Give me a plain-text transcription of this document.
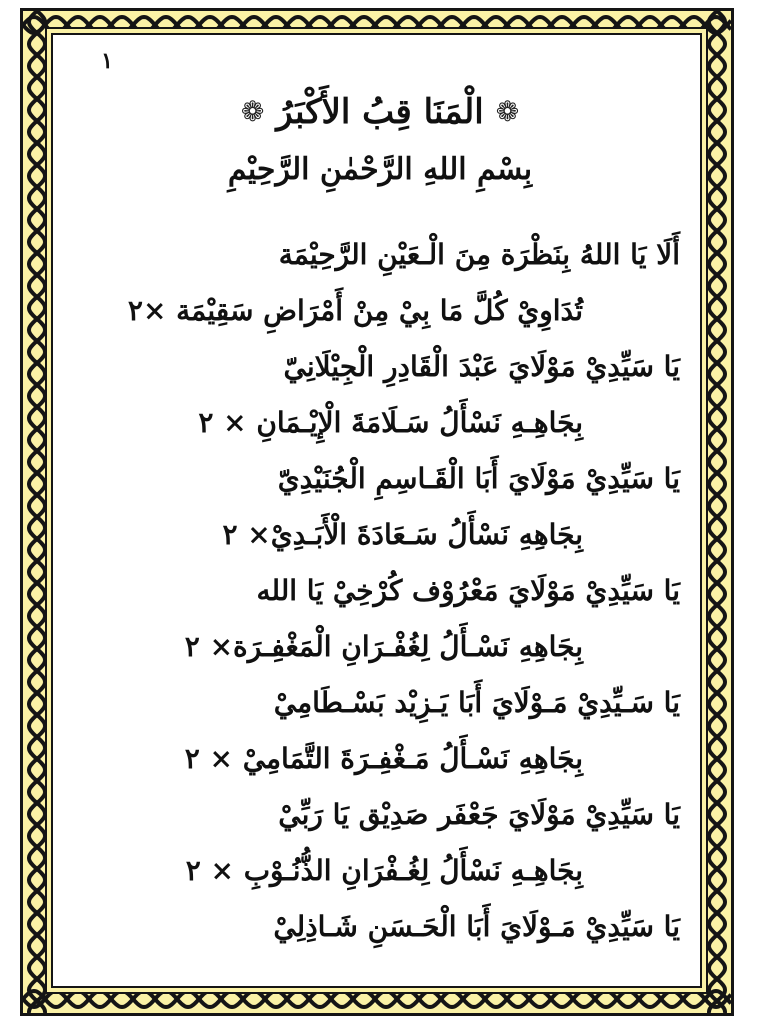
١
❁
الْمَنَا قِبُ الأَكْبَرُ
❁
بِسْمِ اللهِ الرَّحْمٰنِ الرَّحِيْمِ
أَلَا يَا اللهُ بِنَظْرَة مِنَ الْـعَيْنِ الرَّحِيْمَة
تُدَاوِيْ كُلَّ مَا بِيْ مِنْ أَمْرَاضِ سَقِيْمَة ×٢
يَا سَيِّدِيْ مَوْلَايَ عَبْدَ الْقَادِرِ الْجِيْلَانِيّ
بِجَاهِـهِ نَسْأَلُ سَـلَامَةَ الْإِيْـمَانِ × ٢
يَا سَيِّدِيْ مَوْلَايَ أَبَا الْقَـاسِمِ الْجُنَيْدِيّ
بِجَاهِهِ نَسْأَلُ سَـعَادَةَ الْأَبَـدِيْ× ٢
يَا سَيِّدِيْ مَوْلَايَ مَعْرُوْف كُرْخِيْ يَا الله
بِجَاهِهِ نَسْـأَلُ لِغُفْـرَانِ الْمَغْفِـرَة× ٢
يَا سَـيِّدِيْ مَـوْلَايَ أَبَا يَـزِيْد بَسْـطَامِيْ
بِجَاهِهِ نَسْـأَلُ مَـغْفِـرَةَ التَّمَامِيْ × ٢
يَا سَيِّدِيْ مَوْلَايَ جَعْفَر صَدِيْق يَا رَبِّيْ
بِجَاهِـهِ نَسْأَلُ لِغُـفْرَانِ الذُّنُـوْبِ × ٢
يَا سَيِّدِيْ مَـوْلَايَ أَبَا الْحَـسَنِ شَـاذِلِيْ
